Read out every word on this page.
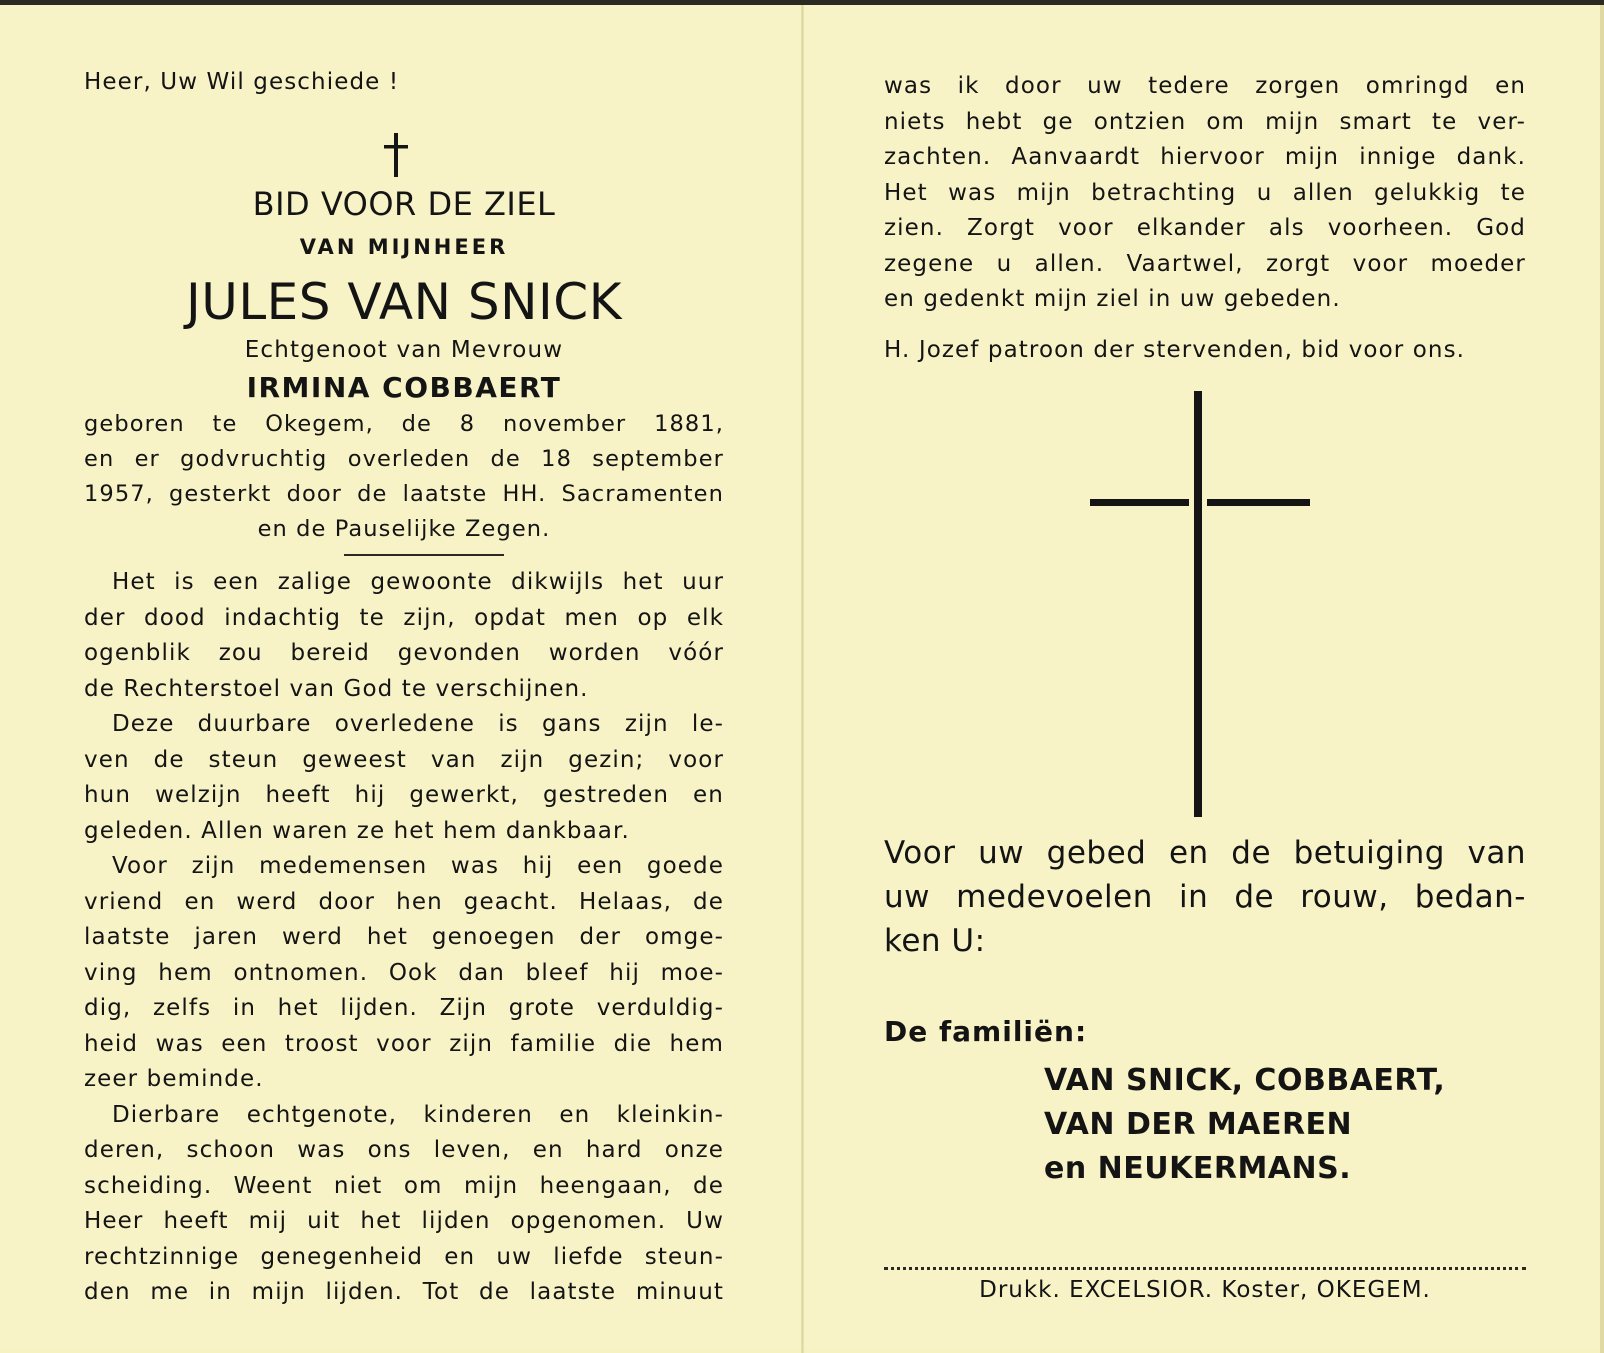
Heer, Uw Wil geschiede !

BID VOOR DE ZIEL

VAN MIJNHEER

JULES VAN SNICK

Echtgenoot van Mevrouw

IRMINA COBBAERT

geboren te Okegem, de 8 november 1881,

en er godvruchtig overleden de 18 september

1957, gesterkt door de laatste HH. Sacramenten

en de Pauselijke Zegen.

Het is een zalige gewoonte dikwijls het uur

der dood indachtig te zijn, opdat men op elk

ogenblik zou bereid gevonden worden vóór

de Rechterstoel van God te verschijnen.

Deze duurbare overledene is gans zijn le-

ven de steun geweest van zijn gezin; voor

hun welzijn heeft hij gewerkt, gestreden en

geleden. Allen waren ze het hem dankbaar.

Voor zijn medemensen was hij een goede

vriend en werd door hen geacht. Helaas, de

laatste jaren werd het genoegen der omge-

ving hem ontnomen. Ook dan bleef hij moe-

dig, zelfs in het lijden. Zijn grote verduldig-

heid was een troost voor zijn familie die hem

zeer beminde.

Dierbare echtgenote, kinderen en kleinkin-

deren, schoon was ons leven, en hard onze

scheiding. Weent niet om mijn heengaan, de

Heer heeft mij uit het lijden opgenomen. Uw

rechtzinnige genegenheid en uw liefde steun-

den me in mijn lijden. Tot de laatste minuut

was ik door uw tedere zorgen omringd en

niets hebt ge ontzien om mijn smart te ver-

zachten. Aanvaardt hiervoor mijn innige dank.

Het was mijn betrachting u allen gelukkig te

zien. Zorgt voor elkander als voorheen. God

zegene u allen. Vaartwel, zorgt voor moeder

en gedenkt mijn ziel in uw gebeden.

H. Jozef patroon der stervenden, bid voor ons.

Voor uw gebed en de betuiging van

uw medevoelen in de rouw, bedan-

ken U:

De familiën:

VAN SNICK, COBBAERT,
VAN DER MAEREN
en NEUKERMANS.

Drukk. EXCELSIOR. Koster, OKEGEM.
